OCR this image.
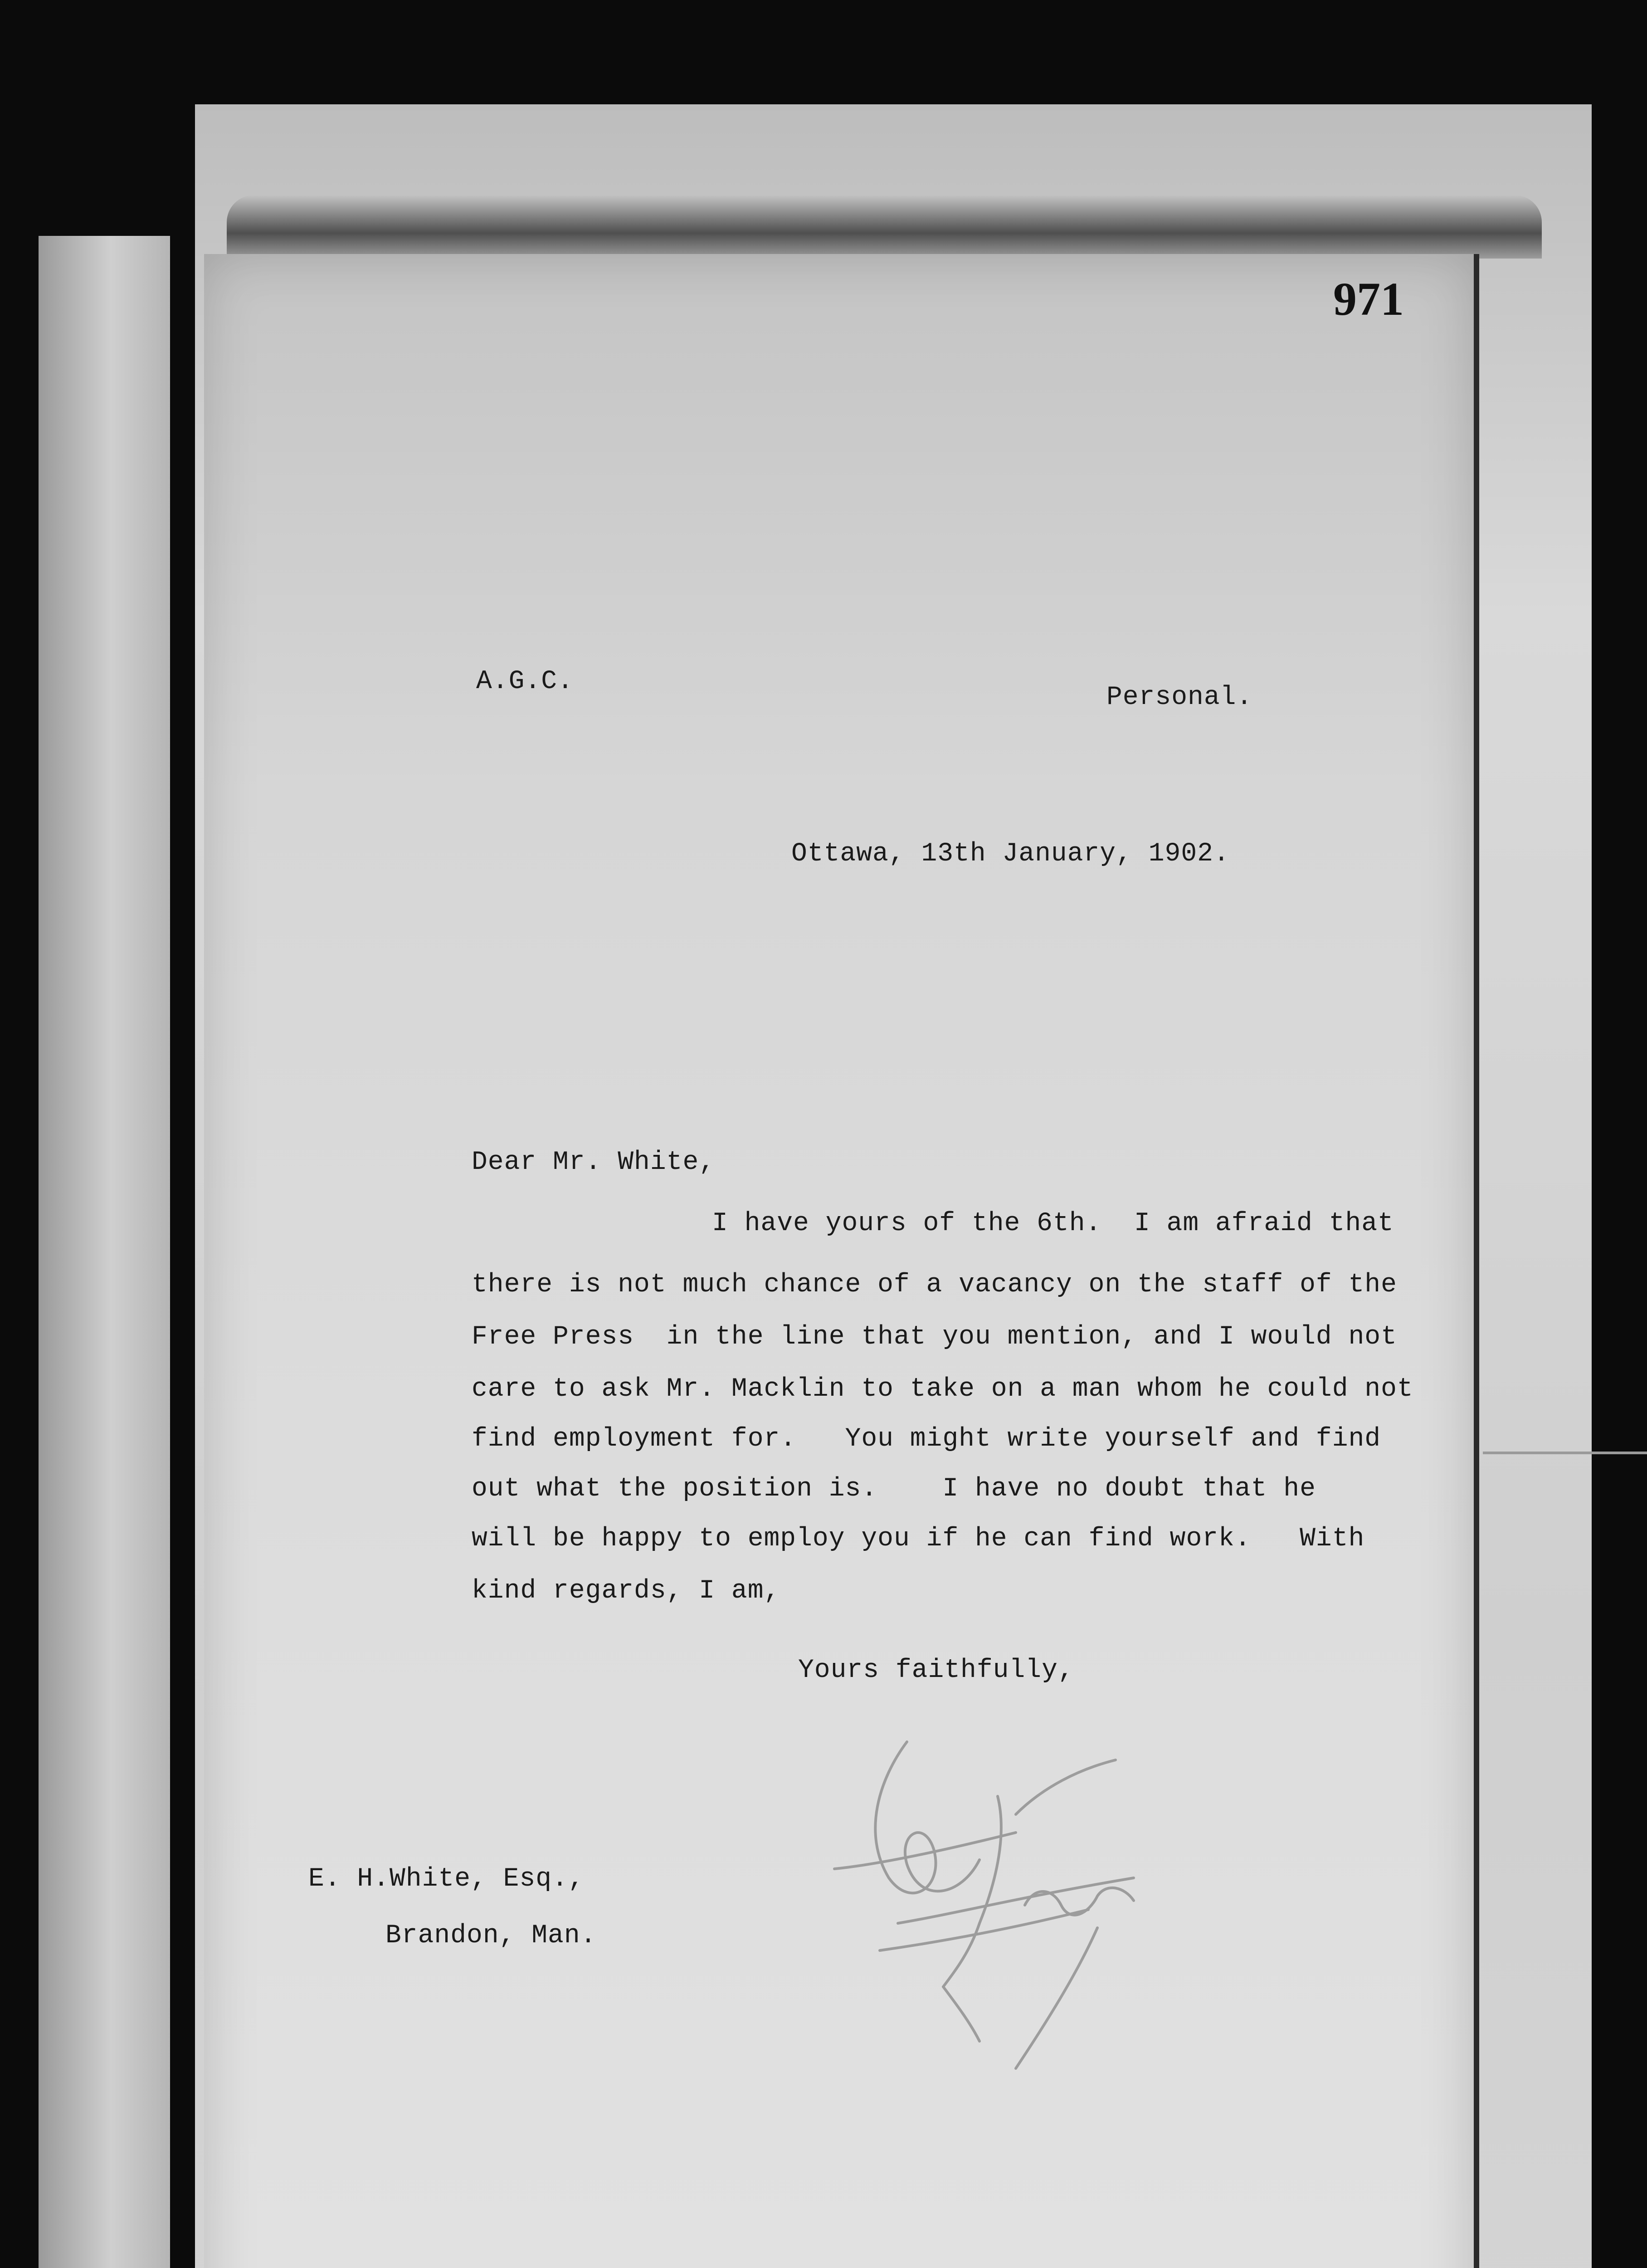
971
A.G.C.
Personal.
Ottawa, 13th January, 1902.
Dear Mr. White,
I have yours of the 6th.  I am afraid that
there is not much chance of a vacancy on the staff of the
Free Press  in the line that you mention, and I would not
care to ask Mr. Macklin to take on a man whom he could not
find employment for.   You might write yourself and find
out what the position is.    I have no doubt that he
will be happy to employ you if he can find work.   With
kind regards, I am,
Yours faithfully,
E. H.White, Esq.,
Brandon, Man.
